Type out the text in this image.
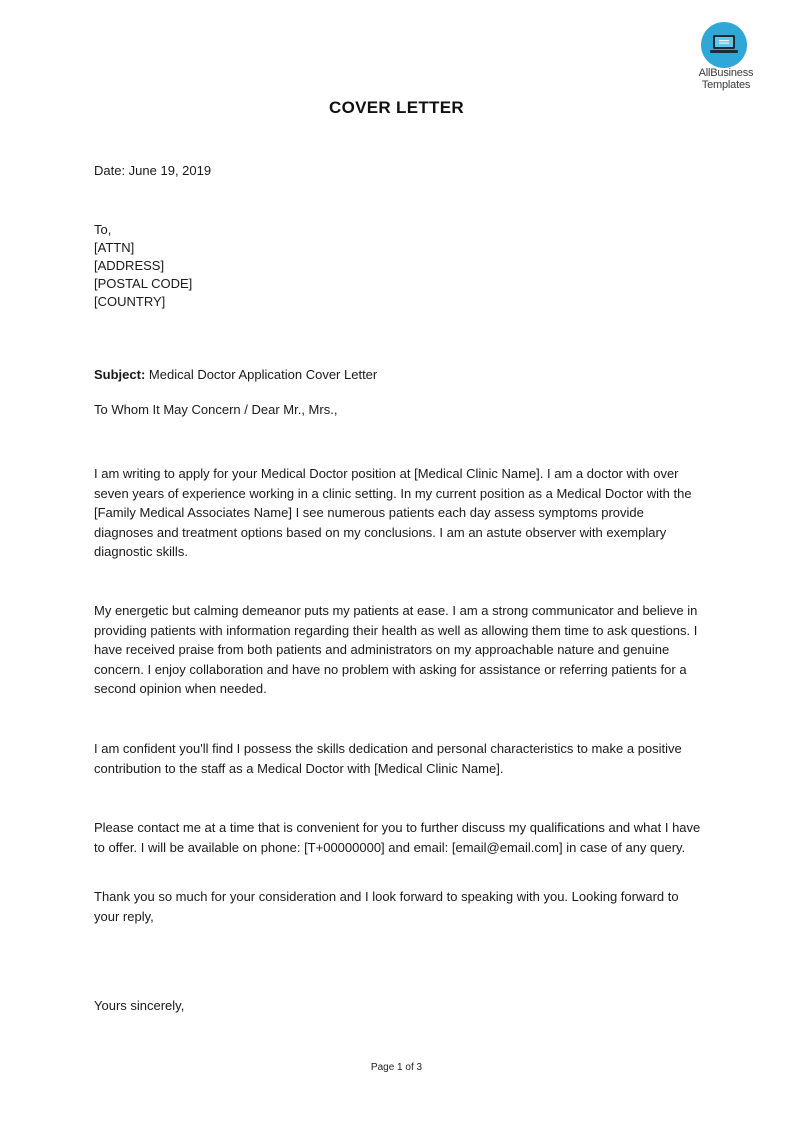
AllBusiness
Templates
COVER LETTER
Date: June 19, 2019
To,
[ATTN]
[ADDRESS]
[POSTAL CODE]
[COUNTRY]
Subject: Medical Doctor Application Cover Letter
To Whom It May Concern / Dear Mr., Mrs.,
I am writing to apply for your Medical Doctor position at [Medical Clinic Name]. I am a doctor with over seven years of experience working in a clinic setting. In my current position as a Medical Doctor with the [Family Medical Associates Name] I see numerous patients each day assess symptoms provide diagnoses and treatment options based on my conclusions. I am an astute observer with exemplary diagnostic skills.
My energetic but calming demeanor puts my patients at ease. I am a strong communicator and believe in providing patients with information regarding their health as well as allowing them time to ask questions. I have received praise from both patients and administrators on my approachable nature and genuine concern. I enjoy collaboration and have no problem with asking for assistance or referring patients for a second opinion when needed.
I am confident you'll find I possess the skills dedication and personal characteristics to make a positive contribution to the staff as a Medical Doctor with [Medical Clinic Name].
Please contact me at a time that is convenient for you to further discuss my qualifications and what I have to offer. I will be available on phone: [T+00000000] and email: [email@email.com] in case of any query.
Thank you so much for your consideration and I look forward to speaking with you. Looking forward to your reply,
Yours sincerely,
Page 1 of 3
